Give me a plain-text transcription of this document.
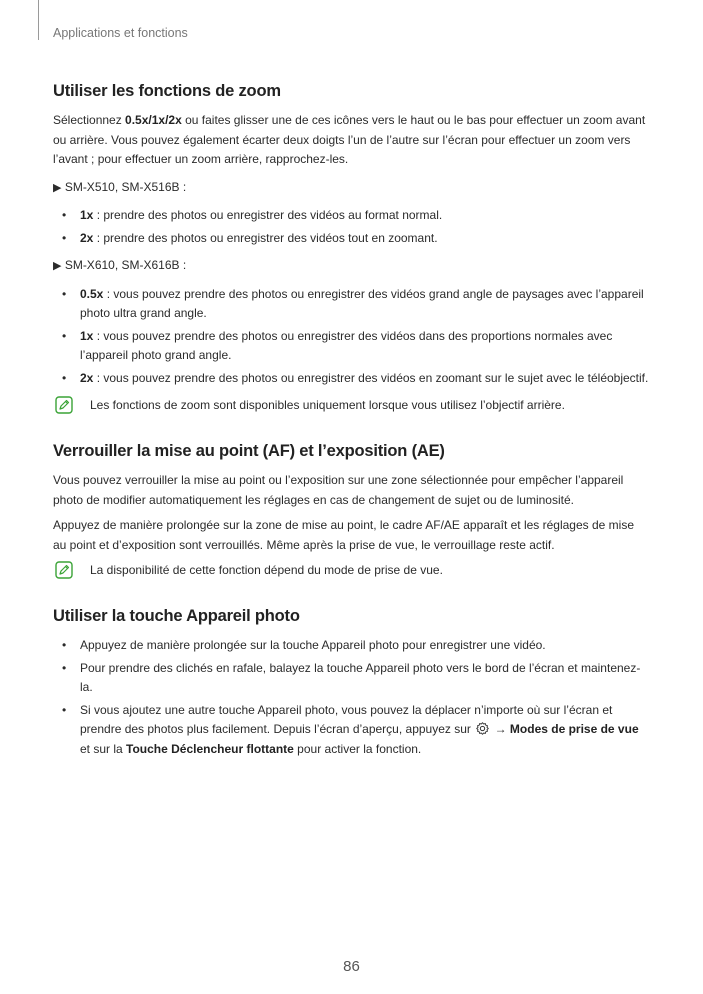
Applications et fonctions
Utiliser les fonctions de zoom

Sélectionnez 0.5x/1x/2x ou faites glisser une de ces icônes vers le haut ou le bas pour effectuer un zoom avant ou arrière. Vous pouvez également écarter deux doigts l’un de l’autre sur l’écran pour effectuer un zoom vers l’avant ; pour effectuer un zoom arrière, rapprochez-les.

▶ SM-X510, SM-X516B :
• 1x : prendre des photos ou enregistrer des vidéos au format normal.
• 2x : prendre des photos ou enregistrer des vidéos tout en zoomant.
▶ SM-X610, SM-X616B :
• 0.5x : vous pouvez prendre des photos ou enregistrer des vidéos grand angle de paysages avec l’appareil photo ultra grand angle.
• 1x : vous pouvez prendre des photos ou enregistrer des vidéos dans des proportions normales avec l’appareil photo grand angle.
• 2x : vous pouvez prendre des photos ou enregistrer des vidéos en zoomant sur le sujet avec le téléobjectif.
Les fonctions de zoom sont disponibles uniquement lorsque vous utilisez l’objectif arrière.
Verrouiller la mise au point (AF) et l’exposition (AE)

Vous pouvez verrouiller la mise au point ou l’exposition sur une zone sélectionnée pour empêcher l’appareil photo de modifier automatiquement les réglages en cas de changement de sujet ou de luminosité.

Appuyez de manière prolongée sur la zone de mise au point, le cadre AF/AE apparaît et les réglages de mise au point et d’exposition sont verrouillés. Même après la prise de vue, le verrouillage reste actif.

La disponibilité de cette fonction dépend du mode de prise de vue.
Utiliser la touche Appareil photo
• Appuyez de manière prolongée sur la touche Appareil photo pour enregistrer une vidéo.
• Pour prendre des clichés en rafale, balayez la touche Appareil photo vers le bord de l’écran et maintenez-la.
• Si vous ajoutez une autre touche Appareil photo, vous pouvez la déplacer n’importe où sur l’écran et prendre des photos plus facilement. Depuis l’écran d’aperçu, appuyez sur  → Modes de prise de vue et sur la Touche Déclencheur flottante pour activer la fonction.
86
